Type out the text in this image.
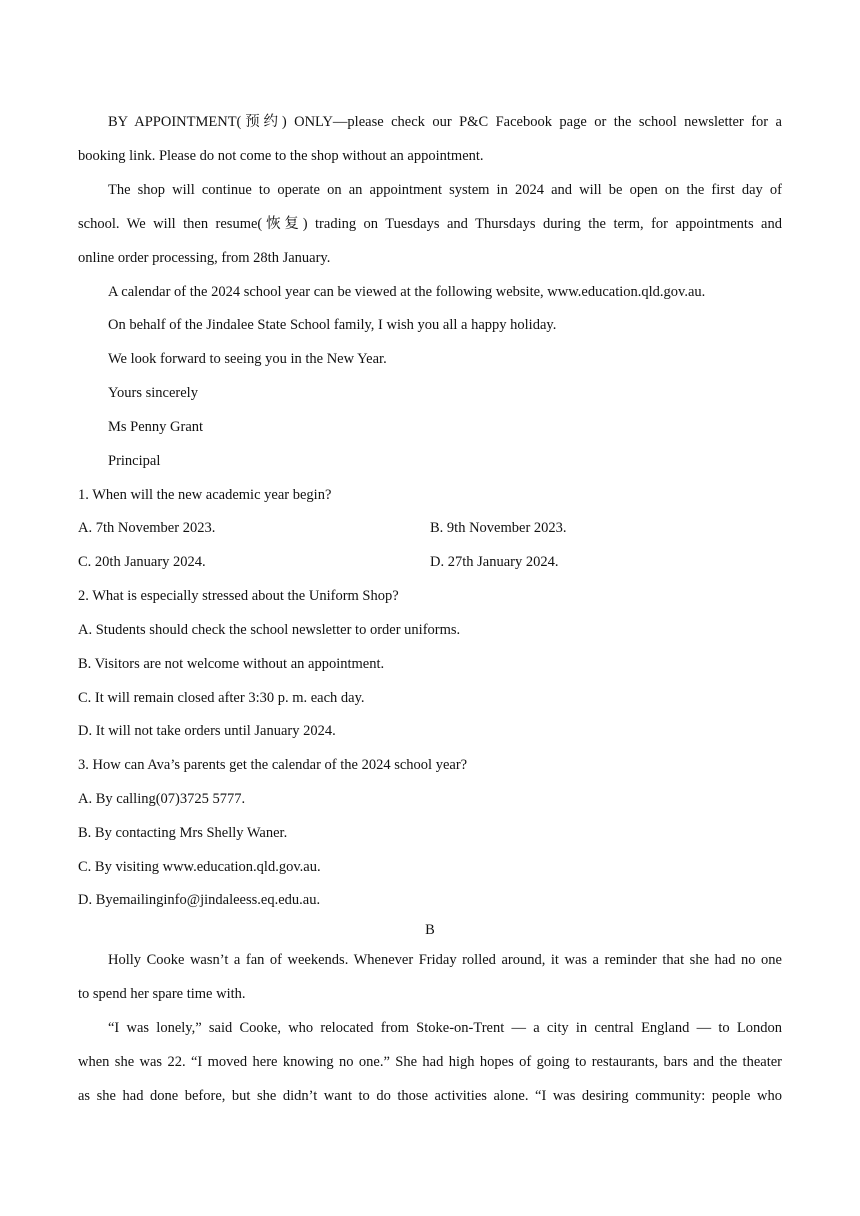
BY APPOINTMENT(预约) ONLY—please check our P&C Facebook page or the school newsletter for a
booking link. Please do not come to the shop without an appointment.
The shop will continue to operate on an appointment system in 2024 and will be open on the first day of
school. We will then resume(恢复) trading on Tuesdays and Thursdays during the term, for appointments and
online order processing, from 28th January.
A calendar of the 2024 school year can be viewed at the following website, www.education.qld.gov.au.
On behalf of the Jindalee State School family, I wish you all a happy holiday.
We look forward to seeing you in the New Year.
Yours sincerely
Ms Penny Grant
Principal
1. When will the new academic year begin?
A. 7th November 2023.	B. 9th November 2023.
C. 20th January 2024.	D. 27th January 2024.
2. What is especially stressed about the Uniform Shop?
A. Students should check the school newsletter to order uniforms.
B. Visitors are not welcome without an appointment.
C. It will remain closed after 3:30 p. m. each day.
D. It will not take orders until January 2024.
3. How can Ava’s parents get the calendar of the 2024 school year?
A. By calling(07)3725 5777.
B. By contacting Mrs Shelly Waner.
C. By visiting www.education.qld.gov.au.
D. Byemailinginfo@jindaleess.eq.edu.au.
B
Holly Cooke wasn’t a fan of weekends. Whenever Friday rolled around, it was a reminder that she had no one
to spend her spare time with.
“I was lonely,” said Cooke, who relocated from Stoke-on-Trent — a city in central England — to London
when she was 22. “I moved here knowing no one.” She had high hopes of going to restaurants, bars and the theater
as she had done before, but she didn’t want to do those activities alone. “I was desiring community: people who
